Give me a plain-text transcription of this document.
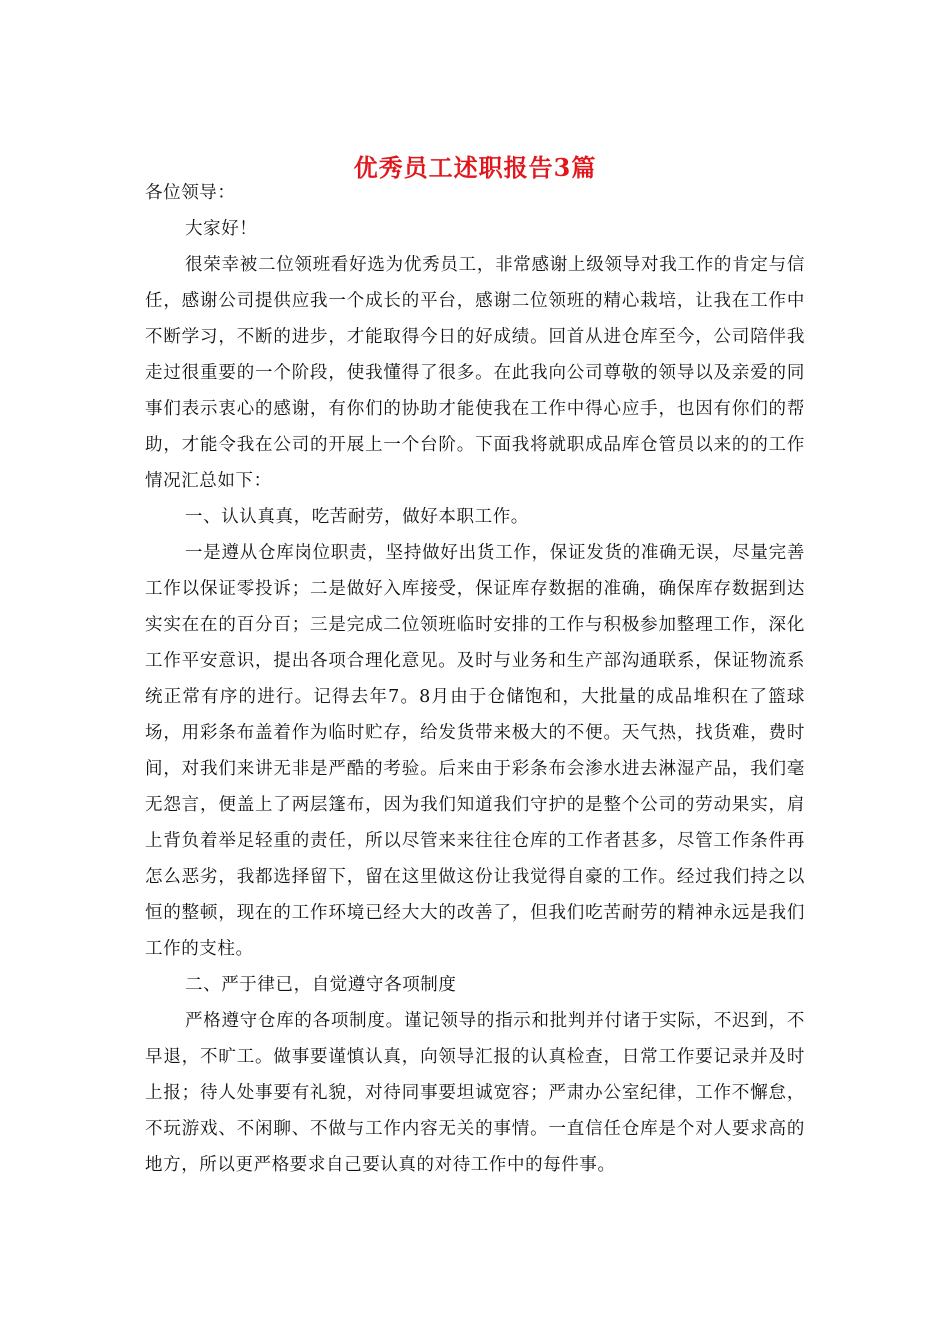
优秀员工述职报告3篇

各位领导：

大家好！

很荣幸被二位领班看好选为优秀员工，非常感谢上级领导对我工作的肯定与信任，感谢公司提供应我一个成长的平台，感谢二位领班的精心栽培，让我在工作中不断学习，不断的进步，才能取得今日的好成绩。回首从进仓库至今，公司陪伴我走过很重要的一个阶段，使我懂得了很多。在此我向公司尊敬的领导以及亲爱的同事们表示衷心的感谢，有你们的协助才能使我在工作中得心应手，也因有你们的帮助，才能令我在公司的开展上一个台阶。下面我将就职成品库仓管员以来的的工作情况汇总如下：

一、认认真真，吃苦耐劳，做好本职工作。

一是遵从仓库岗位职责，坚持做好出货工作，保证发货的准确无误，尽量完善工作以保证零投诉；二是做好入库接受，保证库存数据的准确，确保库存数据到达实实在在的百分百；三是完成二位领班临时安排的工作与积极参加整理工作，深化工作平安意识，提出各项合理化意见。及时与业务和生产部沟通联系，保证物流系统正常有序的进行。记得去年7。8月由于仓储饱和，大批量的成品堆积在了篮球场，用彩条布盖着作为临时贮存，给发货带来极大的不便。天气热，找货难，费时间，对我们来讲无非是严酷的考验。后来由于彩条布会渗水进去淋湿产品，我们毫无怨言，便盖上了两层篷布，因为我们知道我们守护的是整个公司的劳动果实，肩上背负着举足轻重的责任，所以尽管来来往往仓库的工作者甚多，尽管工作条件再怎么恶劣，我都选择留下，留在这里做这份让我觉得自豪的工作。经过我们持之以恒的整顿，现在的工作环境已经大大的改善了，但我们吃苦耐劳的精神永远是我们工作的支柱。

二、严于律已，自觉遵守各项制度

严格遵守仓库的各项制度。谨记领导的指示和批判并付诸于实际，不迟到，不早退，不旷工。做事要谨慎认真，向领导汇报的认真检查，日常工作要记录并及时上报；待人处事要有礼貌，对待同事要坦诚宽容；严肃办公室纪律，工作不懈怠，不玩游戏、不闲聊、不做与工作内容无关的事情。一直信任仓库是个对人要求高的地方，所以更严格要求自己要认真的对待工作中的每件事。
